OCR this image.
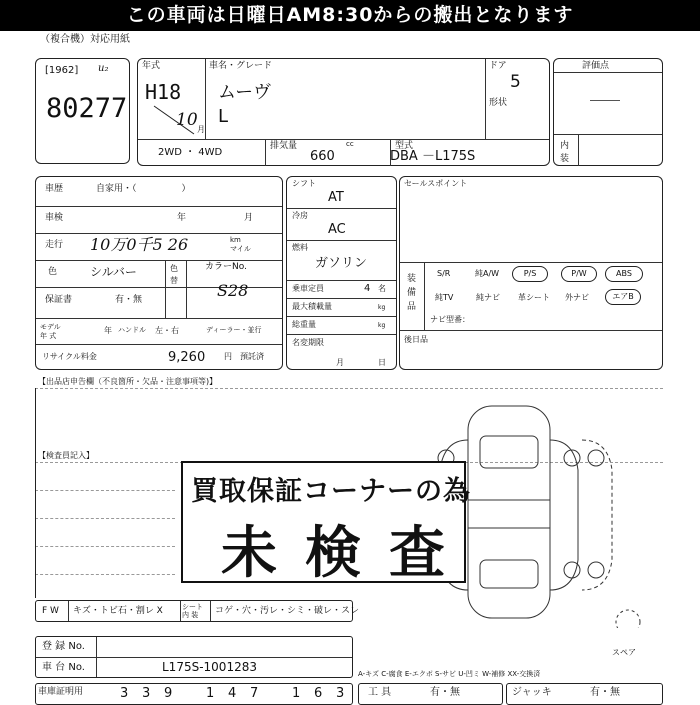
この車両は日曜日AM8:30からの搬出となります
（複合機）対応用紙
[1962] u₂
80277
年式
H18
10 月
車名・グレード
ムーヴ
L
ドア
5
形状
2WD ・ 4WD
排気量
660
cc	型式
DBA －L175S
評価点
内
装
車歴	自家用・（　　　　　）
車検	年	月
走行 10万0千5 26	km
マイル
色	シルバー	色
替
カラーNo.
S28
保証書	有・無
モデル
年 式
年 ハンドル 左・右	ディーラー・並行
リサイクル料金	9,260 円 預託済
シフト
AT
冷房
AC
燃料
ガソリン
乗車定員	4 名
最大積載量	kg
総重量	kg
名変期限
月	日
セールスポイント
装
備
品
S/R	純A/W	P/S	P/W	ABS
純TV	純ナビ 革シート 外ナビ	エアB
ナビ型番：
後日品
【出品店申告欄（不良箇所・欠品・注意事項等)】
【検査員記入】
買取保証コーナーの為
未検査
F W キズ・トビ石・割レ X	シート
内 装	コゲ・穴・汚レ・シミ・破レ・スレ
登 録 No.
車 台 No.	L175S-1001283
車庫証明用	3 3 9	1 4 7	1 6 3
スペア
A-キズ C-腐食 E-エクボ S-サビ U-凹ミ W-補修 XX-交換済
工 具	有・無	ジャッキ	有・無
